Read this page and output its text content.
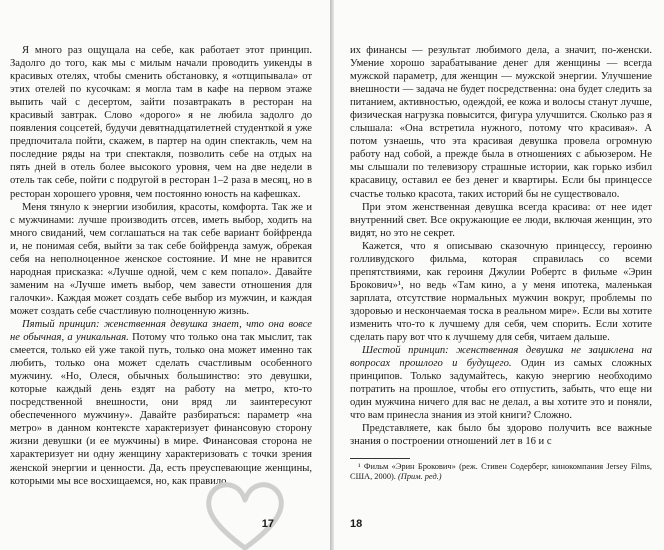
Я много раз ощущала на себе, как работает этот принцип. Задолго до того, как мы с милым начали проводить уикенды в красивых отелях, чтобы сменить обстановку, я «отщипывала» от этих отелей по кусочкам: я могла там в кафе на первом этаже выпить чай с десертом, зайти позавтракать в ресторан на красивый завтрак. Слово «дорого» я не любила задолго до появления соцсетей, будучи девятнадцатилетней студенткой я уже предпочитала пойти, скажем, в партер на один спектакль, чем на последние ряды на три спектакля, позволить себе на отдых на пять дней в отель более высокого уровня, чем на две недели в отель так себе, пойти с подругой в ресторан 1–2 раза в месяц, но в ресторан хорошего уровня, чем постоянно юность на кафешках.

Меня тянуло к энергии изобилия, красоты, комфорта. Так же и с мужчинами: лучше производить отсев, иметь выбор, ходить на много свиданий, чем соглашаться на так себе вариант бойфренда и, не понимая себя, выйти за так себе бойфренда замуж, обрекая себя на неполноценное женское состояние. И мне не нравится народная присказка: «Лучше одной, чем с кем попало». Давайте заменим на «Лучше иметь выбор, чем завести отношения для галочки». Каждая может создать себе выбор из мужчин, и каждая может создать себе счастливую полноценную жизнь.

Пятый принцип: женственная девушка знает, что она вовсе не обычная, а уникальная. Потому что только она так мыслит, так смеется, только ей уже такой путь, только она может именно так любить, только она может сделать счастливым особенного мужчину. «Но, Олеся, обычных большинство: это девушки, которые каждый день ездят на работу на метро, кто-то посредственной внешности, они вряд ли заинтересуют обеспеченного мужчину». Давайте разбираться: параметр «на метро» в данном контексте характеризует финансовую сторону жизни девушки (и ее мужчины) в мире. Финансовая сторона не характеризует ни одну женщину характеризовать с точки зрения женской энергии и ценности. Да, есть преуспевающие женщины, которыми мы все восхищаемся, но, как правило,

17

их финансы — результат любимого дела, а значит, по-женски. Умение хорошо зарабатывание денег для женщины — всегда мужской параметр, для женщин — мужской энергии. Улучшение внешности — задача не будет посредственна: она будет следить за питанием, активностью, одеждой, ее кожа и волосы станут лучше, физическая нагрузка повысится, фигура улучшится. Сколько раз я слышала: «Она встретила нужного, потому что красивая». А потом узнаешь, что эта красивая девушка провела огромную работу над собой, а прежде была в отношениях с абьюзером. Не мы слышали по телевизору страшные истории, как горько избил красавицу, оставил ее без денег и квартиры. Если бы принцессе счастье только красота, таких историй бы не существовало.

При этом женственная девушка всегда красива: от нее идет внутренний свет. Все окружающие ее люди, включая женщин, это видят, но это не секрет.

Кажется, что я описываю сказочную принцессу, героиню голливудского фильма, которая справилась со всеми препятствиями, как героиня Джулии Робертс в фильме «Эрин Брокович»¹, но ведь «Там кино, а у меня ипотека, маленькая зарплата, отсутствие нормальных мужчин вокруг, проблемы по здоровью и нескончаемая тоска в реальном мире». Если вы хотите изменить что-то к лучшему для себя, чем спорить. Если хотите сделать пару вот что к лучшему для себя, читаем дальше.

Шестой принцип: женственная девушка не зациклена на вопросах прошлого и будущего. Один из самых сложных принципов. Только задумайтесь, какую энергию необходимо потратить на прошлое, чтобы его отпустить, забыть, что еще ни один мужчина ничего для вас не делал, а вы хотите это и поняли, что вам принесла знания из этой книги? Сложно.

Представляете, как было бы здорово получить все важные знания о построении отношений лет в 16 и с

¹ Фильм «Эрин Брокович» (реж. Стивен Содерберг, кинокомпания Jersey Films, США, 2000). (Прим. ред.)
18
